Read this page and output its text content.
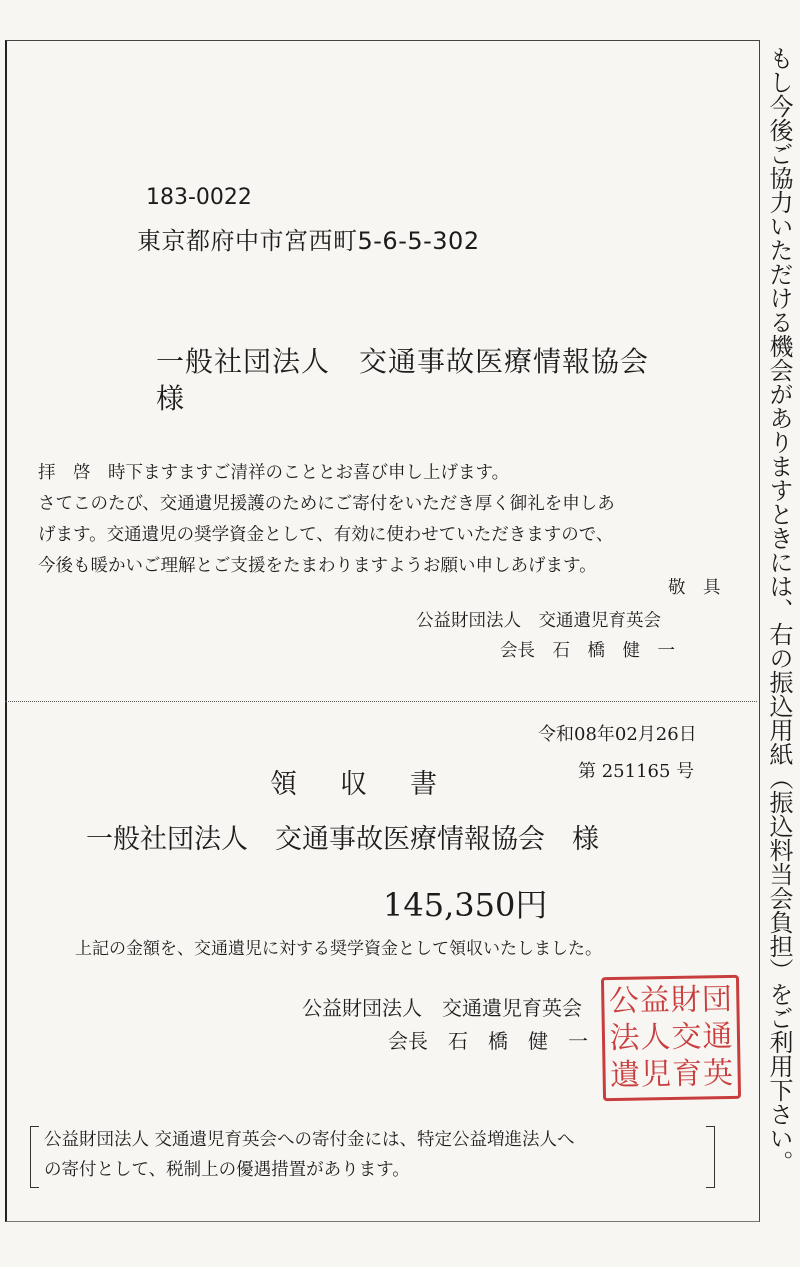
183-0022
東京都府中市宮西町5-6-5-302
一般社団法人　交通事故医療情報協会
様

拝　啓　時下ますますご清祥のこととお喜び申し上げます。

さてこのたび、交通遺児援護のためにご寄付をいただき厚く御礼を申しあ

げます。交通遺児の奨学資金として、有効に使わせていただきますので、

今後も暖かいご理解とご支援をたまわりますようお願い申しあげます。

敬　具
公益財団法人　交通遺児育英会
会長　石　橋　健　一
令和08年02月26日
領　収　書	第 251165 号
一般社団法人　交通事故医療情報協会　様
145,350円
上記の金額を、交通遺児に対する奨学資金として領収いたしました。
公益財団法人　交通遺児育英会
会長　石　橋　健　一
公 益 財 団
法 人 交 通
遺 児 育 英

公益財団法人 交通遺児育英会への寄付金には、特定公益増進法人へ

の寄付として、税制上の優遇措置があります。	もし今後ご協力いただける機会がありますときには、右の振込用紙（振込料当会負担）をご利用下さい。
